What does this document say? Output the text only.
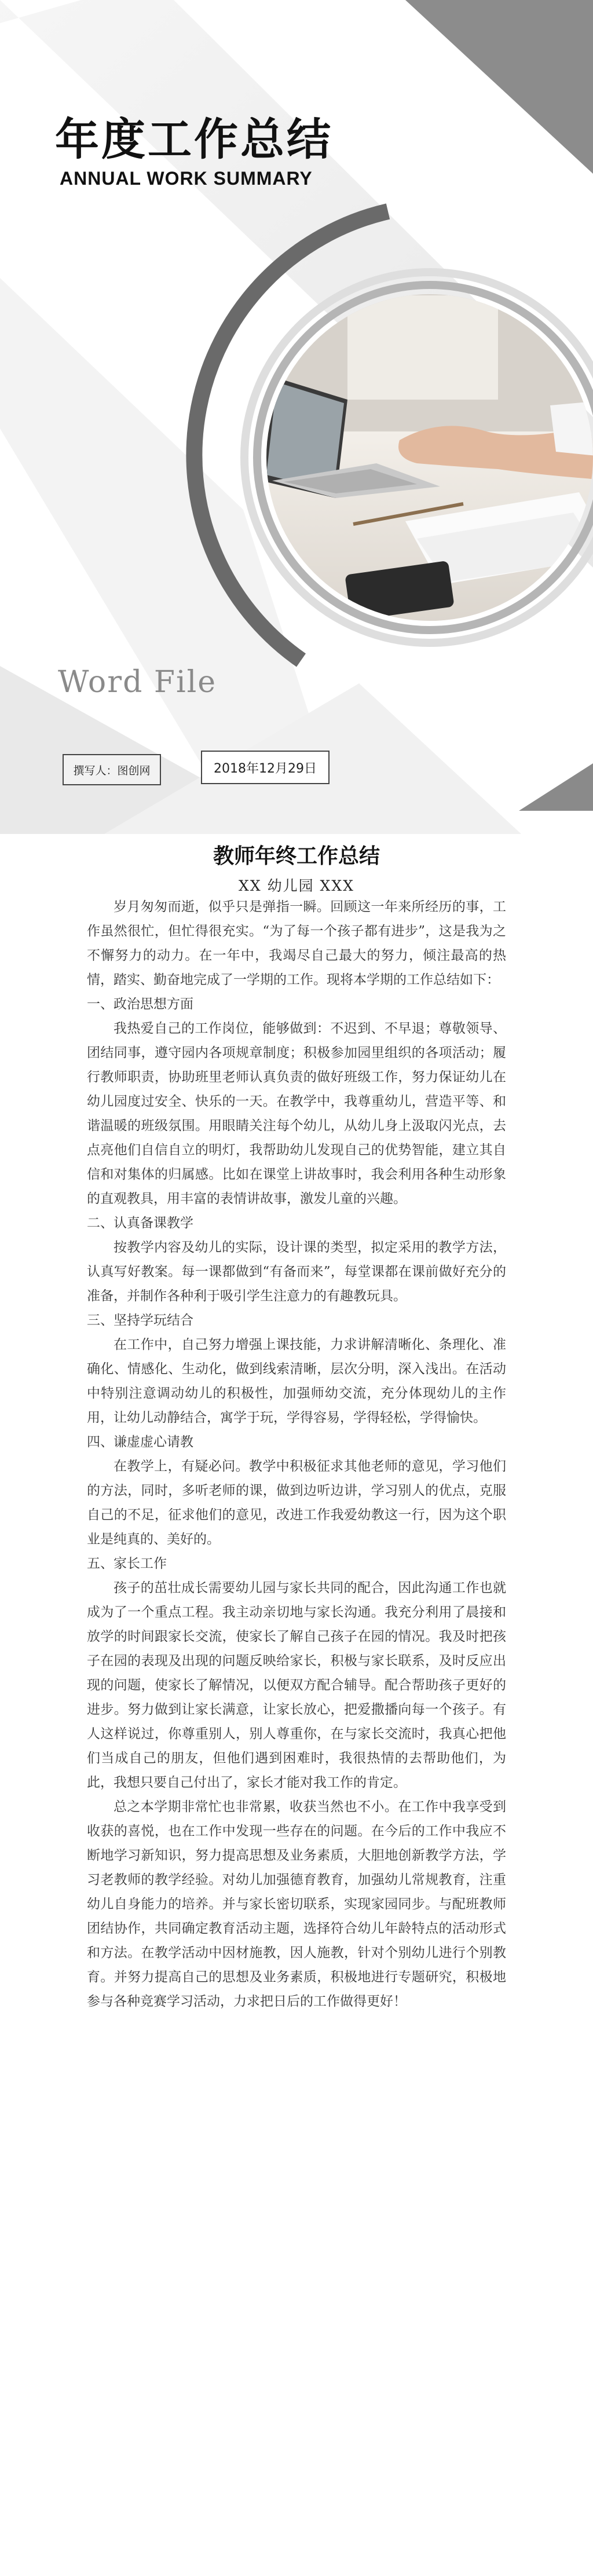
年度工作总结
ANNUAL WORK SUMMARY
Word File
撰写人：图创网	2018年12月29日
教师年终工作总结
XX 幼儿园 XXX

岁月匆匆而逝，似乎只是弹指一瞬。回顾这一年来所经历的事，工作虽然很忙，但忙得很充实。“为了每一个孩子都有进步”，这是我为之不懈努力的动力。在一年中，我竭尽自己最大的努力，倾注最高的热情，踏实、勤奋地完成了一学期的工作。现将本学期的工作总结如下：

一、政治思想方面

我热爱自己的工作岗位，能够做到：不迟到、不早退；尊敬领导、团结同事，遵守园内各项规章制度；积极参加园里组织的各项活动；履行教师职责，协助班里老师认真负责的做好班级工作，努力保证幼儿在幼儿园度过安全、快乐的一天。在教学中，我尊重幼儿，营造平等、和谐温暖的班级氛围。用眼睛关注每个幼儿，从幼儿身上汲取闪光点，去点亮他们自信自立的明灯，我帮助幼儿发现自己的优势智能，建立其自信和对集体的归属感。比如在课堂上讲故事时，我会利用各种生动形象的直观教具，用丰富的表情讲故事，激发儿童的兴趣。

二、认真备课教学

按教学内容及幼儿的实际，设计课的类型，拟定采用的教学方法，认真写好教案。每一课都做到“有备而来”，每堂课都在课前做好充分的准备，并制作各种利于吸引学生注意力的有趣教玩具。

三、坚持学玩结合

在工作中，自己努力增强上课技能，力求讲解清晰化、条理化、准确化、情感化、生动化，做到线索清晰，层次分明，深入浅出。在活动中特别注意调动幼儿的积极性，加强师幼交流，充分体现幼儿的主作用，让幼儿动静结合，寓学于玩，学得容易，学得轻松，学得愉快。

四、谦虚虚心请教

在教学上，有疑必问。教学中积极征求其他老师的意见，学习他们的方法，同时，多听老师的课，做到边听边讲，学习别人的优点，克服自己的不足，征求他们的意见，改进工作我爱幼教这一行，因为这个职业是纯真的、美好的。

五、家长工作

孩子的茁壮成长需要幼儿园与家长共同的配合，因此沟通工作也就成为了一个重点工程。我主动亲切地与家长沟通。我充分利用了晨接和放学的时间跟家长交流，使家长了解自己孩子在园的情况。我及时把孩子在园的表现及出现的问题反映给家长，积极与家长联系，及时反应出现的问题，使家长了解情况，以便双方配合辅导。配合帮助孩子更好的进步。努力做到让家长满意，让家长放心，把爱撒播向每一个孩子。有人这样说过，你尊重别人，别人尊重你，在与家长交流时，我真心把他们当成自己的朋友，但他们遇到困难时，我很热情的去帮助他们，为此，我想只要自己付出了，家长才能对我工作的肯定。

总之本学期非常忙也非常累，收获当然也不小。在工作中我享受到收获的喜悦，也在工作中发现一些存在的问题。在今后的工作中我应不断地学习新知识，努力提高思想及业务素质，大胆地创新教学方法，学习老教师的教学经验。对幼儿加强德育教育，加强幼儿常规教育，注重幼儿自身能力的培养。并与家长密切联系，实现家园同步。与配班教师团结协作，共同确定教育活动主题，选择符合幼儿年龄特点的活动形式和方法。在教学活动中因材施教，因人施教，针对个别幼儿进行个别教育。并努力提高自己的思想及业务素质，积极地进行专题研究，积极地参与各种竞赛学习活动，力求把日后的工作做得更好！
